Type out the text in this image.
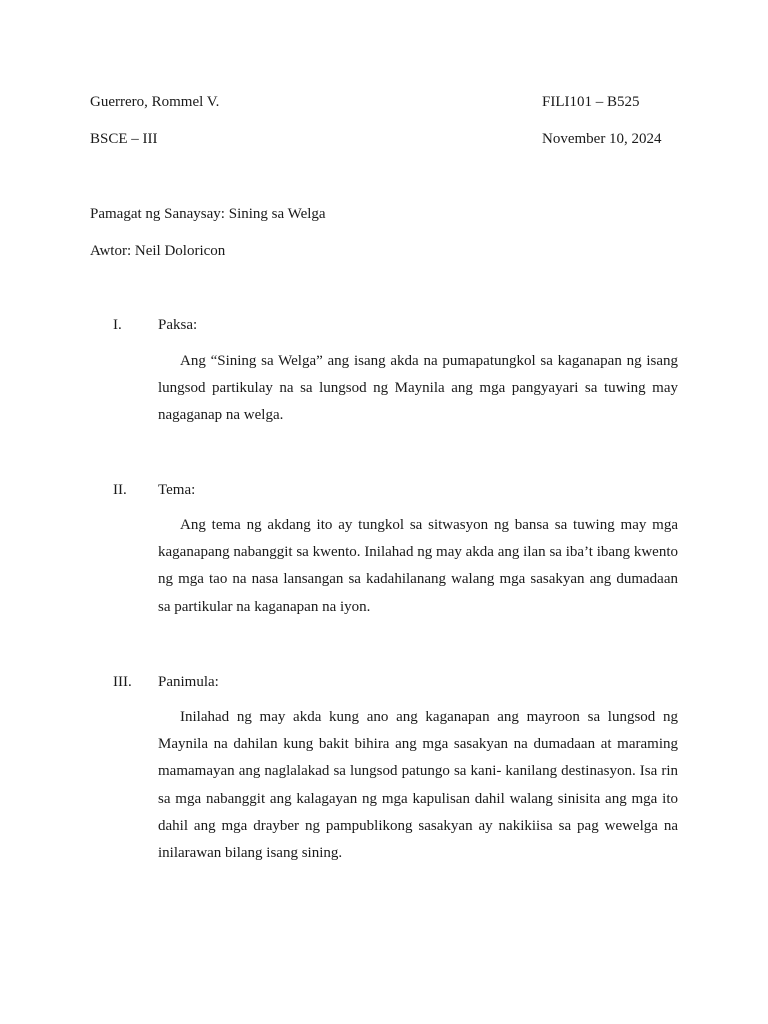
Guerrero, Rommel V.	FILI101 – B525
BSCE – III	November 10, 2024
Pamagat ng Sanaysay: Sining sa Welga
Awtor: Neil Doloricon
I. Paksa:

Ang “Sining sa Welga” ang isang akda na pumapatungkol sa kaganapan ng isang lungsod partikulay na sa lungsod ng Maynila ang mga pangyayari sa tuwing may nagaganap na welga.

II. Tema:

Ang tema ng akdang ito ay tungkol sa sitwasyon ng bansa sa tuwing may mga kaganapang nabanggit sa kwento. Inilahad ng may akda ang ilan sa iba’t ibang kwento ng mga tao na nasa lansangan sa kadahilanang walang mga sasakyan ang dumadaan sa partikular na kaganapan na iyon.

III. Panimula:

Inilahad ng may akda kung ano ang kaganapan ang mayroon sa lungsod ng Maynila na dahilan kung bakit bihira ang mga sasakyan na dumadaan at maraming mamamayan ang naglalakad sa lungsod patungo sa kani- kanilang destinasyon. Isa rin sa mga nabanggit ang kalagayan ng mga kapulisan dahil walang sinisita ang mga ito dahil ang mga drayber ng pampublikong sasakyan ay nakikiisa sa pag wewelga na inilarawan bilang isang sining.
